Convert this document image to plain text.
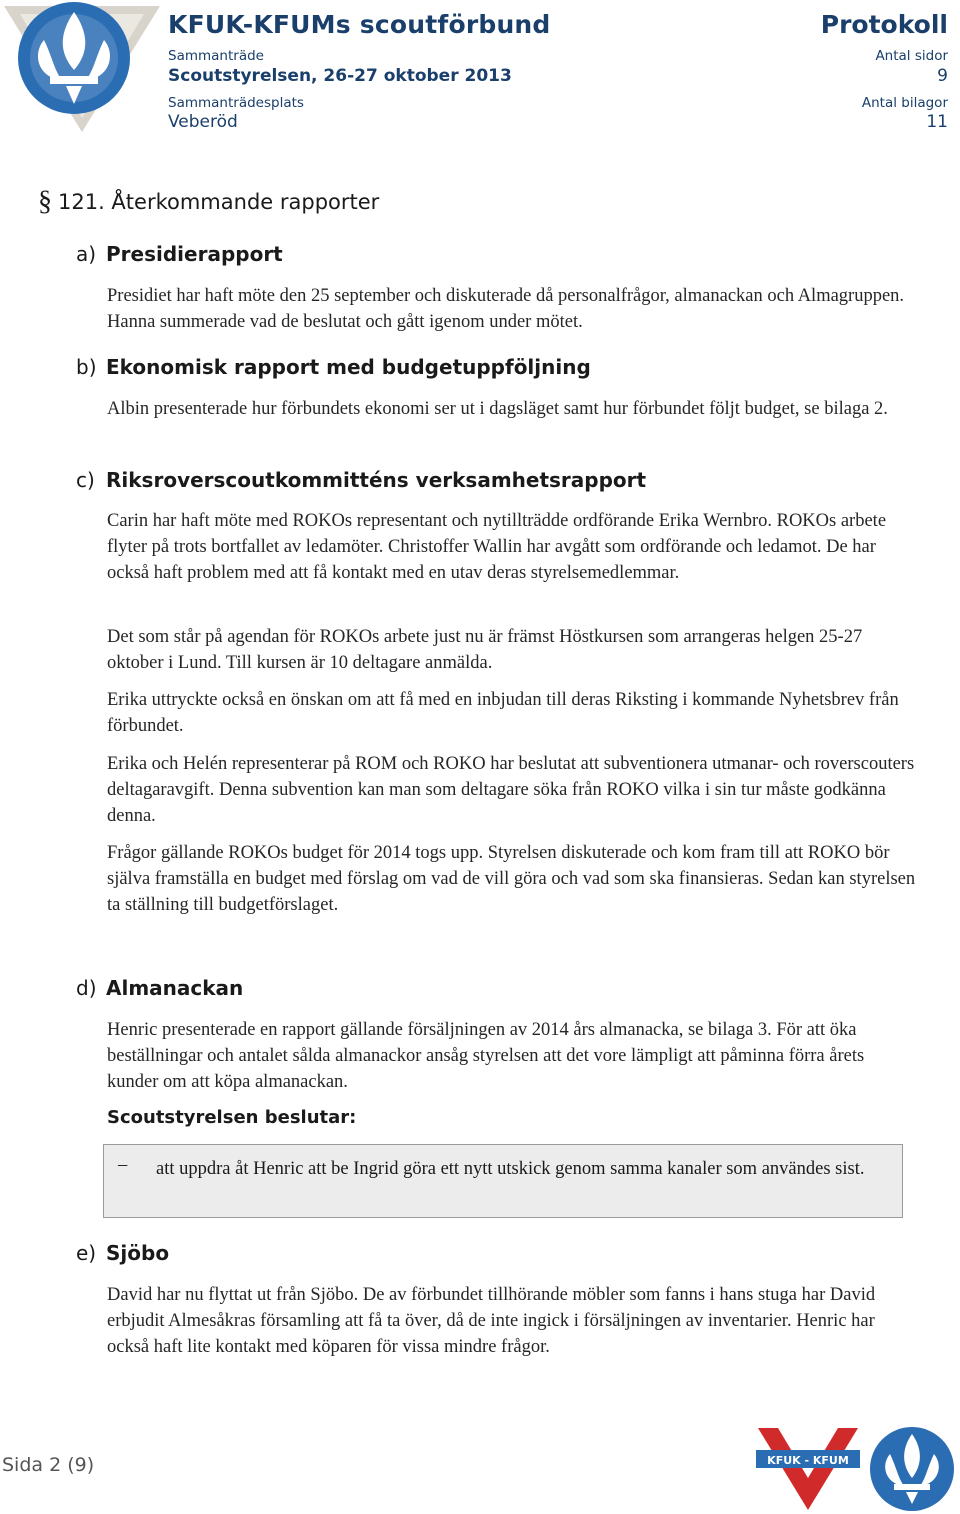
KFUK-KFUMs scoutförbund	Protokoll
Sammanträde
Scoutstyrelsen, 26-27 oktober 2013
Sammanträdesplats
Veberöd
Antal sidor
9
Antal bilagor
11
§ 121. Återkommande rapporter
a) Presidierapport
Presidiet har haft möte den 25 september och diskuterade då personalfrågor, almanackan och Almagruppen. Hanna summerade vad de beslutat och gått igenom under mötet.
b) Ekonomisk rapport med budgetuppföljning
Albin presenterade hur förbundets ekonomi ser ut i dagsläget samt hur förbundet följt budget, se bilaga 2.
c) Riksroverscoutkommitténs verksamhetsrapport
Carin har haft möte med ROKOs representant och nytillträdde ordförande Erika Wernbro. ROKOs arbete flyter på trots bortfallet av ledamöter. Christoffer Wallin har avgått som ordförande och ledamot. De har också haft problem med att få kontakt med en utav deras styrelsemedlemmar.
Det som står på agendan för ROKOs arbete just nu är främst Höstkursen som arrangeras helgen 25-27 oktober i Lund. Till kursen är 10 deltagare anmälda.
Erika uttryckte också en önskan om att få med en inbjudan till deras Riksting i kommande Nyhetsbrev från förbundet.
Erika och Helén representerar på ROM och ROKO har beslutat att subventionera utmanar- och roverscouters deltagaravgift. Denna subvention kan man som deltagare söka från ROKO vilka i sin tur måste godkänna denna.
Frågor gällande ROKOs budget för 2014 togs upp. Styrelsen diskuterade och kom fram till att ROKO bör själva framställa en budget med förslag om vad de vill göra och vad som ska finansieras. Sedan kan styrelsen ta ställning till budgetförslaget.
d) Almanackan
Henric presenterade en rapport gällande försäljningen av 2014 års almanacka, se bilaga 3. För att öka beställningar och antalet sålda almanackor ansåg styrelsen att det vore lämpligt att påminna förra årets kunder om att köpa almanackan.
Scoutstyrelsen beslutar:
– att uppdra åt Henric att be Ingrid göra ett nytt utskick genom samma kanaler som användes sist.
e) Sjöbo
David har nu flyttat ut från Sjöbo. De av förbundet tillhörande möbler som fanns i hans stuga har David erbjudit Almesåkras församling att få ta över, då de inte ingick i försäljningen av inventarier. Henric har också haft lite kontakt med köparen för vissa mindre frågor.
Sida 2 (9)	KFUK - KFUM
